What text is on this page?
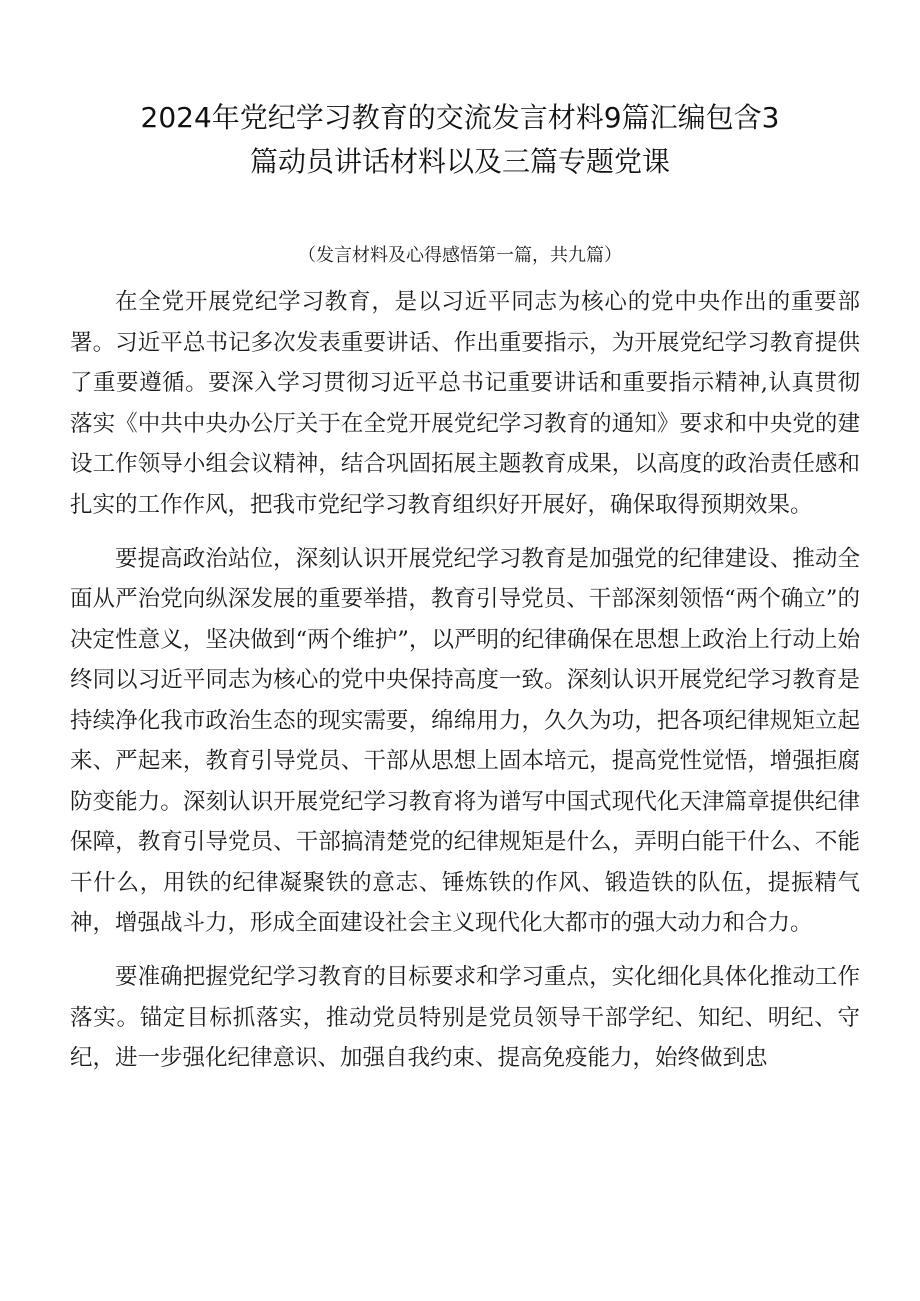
2024年党纪学习教育的交流发言材料9篇汇编包含3
篇动员讲话材料以及三篇专题党课
（发言材料及心得感悟第一篇，共九篇）

在全党开展党纪学习教育，是以习近平同志为核心的党中央作出的重要部署。习近平总书记多次发表重要讲话、作出重要指示，为开展党纪学习教育提供了重要遵循。要深入学习贯彻习近平总书记重要讲话和重要指示精神,认真贯彻落实《中共中央办公厅关于在全党开展党纪学习教育的通知》要求和中央党的建设工作领导小组会议精神，结合巩固拓展主题教育成果，以高度的政治责任感和扎实的工作作风，把我市党纪学习教育组织好开展好，确保取得预期效果。

要提高政治站位，深刻认识开展党纪学习教育是加强党的纪律建设、推动全面从严治党向纵深发展的重要举措，教育引导党员、干部深刻领悟“两个确立”的决定性意义，坚决做到“两个维护”，以严明的纪律确保在思想上政治上行动上始终同以习近平同志为核心的党中央保持高度一致。深刻认识开展党纪学习教育是持续净化我市政治生态的现实需要，绵绵用力，久久为功，把各项纪律规矩立起来、严起来，教育引导党员、干部从思想上固本培元，提高党性觉悟，增强拒腐防变能力。深刻认识开展党纪学习教育将为谱写中国式现代化天津篇章提供纪律保障，教育引导党员、干部搞清楚党的纪律规矩是什么，弄明白能干什么、不能干什么，用铁的纪律凝聚铁的意志、锤炼铁的作风、锻造铁的队伍，提振精气神，增强战斗力，形成全面建设社会主义现代化大都市的强大动力和合力。

要准确把握党纪学习教育的目标要求和学习重点，实化细化具体化推动工作落实。锚定目标抓落实，推动党员特别是党员领导干部学纪、知纪、明纪、守纪，进一步强化纪律意识、加强自我约束、提高免疫能力，始终做到忠
